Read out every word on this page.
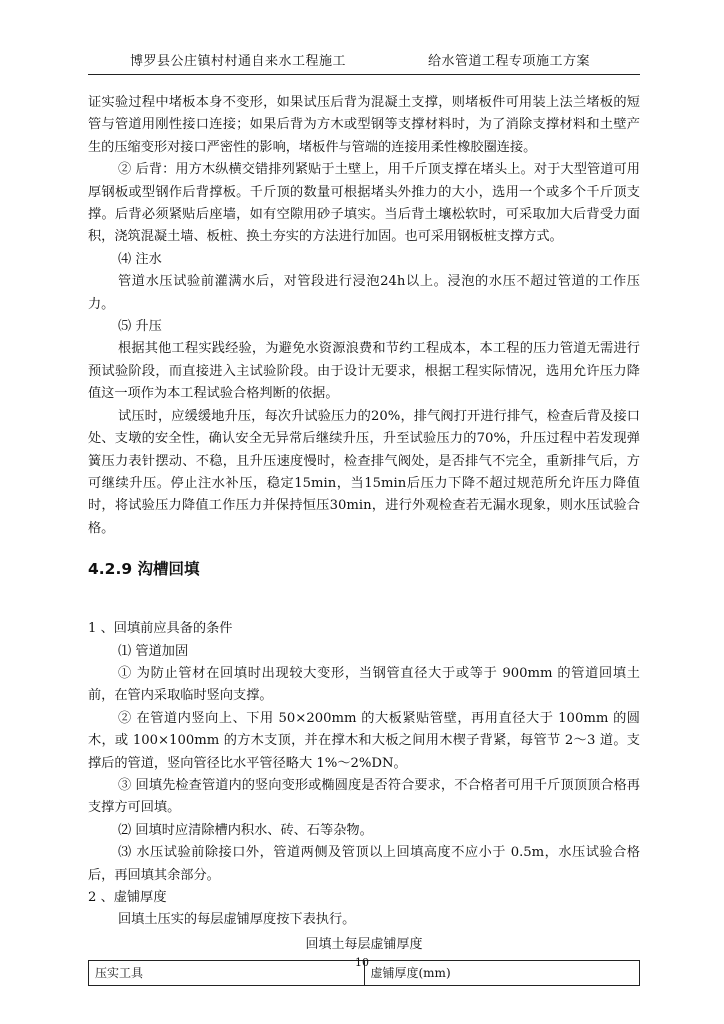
博罗县公庄镇村村通自来水工程施工	给水管道工程专项施工方案

证实验过程中堵板本身不变形，如果试压后背为混凝土支撑，则堵板件可用装上法兰堵板的短管与管道用刚性接口连接；如果后背为方木或型钢等支撑材料时，为了消除支撑材料和土壁产生的压缩变形对接口严密性的影响，堵板件与管端的连接用柔性橡胶圈连接。

② 后背：用方木纵横交错排列紧贴于土壁上，用千斤顶支撑在堵头上。对于大型管道可用厚钢板或型钢作后背撑板。千斤顶的数量可根据堵头外推力的大小，选用一个或多个千斤顶支撑。后背必须紧贴后座墙，如有空隙用砂子填实。当后背土壤松软时，可采取加大后背受力面积，浇筑混凝土墙、板桩、换土夯实的方法进行加固。也可采用钢板桩支撑方式。

⑷ 注水

管道水压试验前灌满水后，对管段进行浸泡24h以上。浸泡的水压不超过管道的工作压力。

⑸ 升压

根据其他工程实践经验，为避免水资源浪费和节约工程成本，本工程的压力管道无需进行预试验阶段，而直接进入主试验阶段。由于设计无要求，根据工程实际情况，选用允许压力降值这一项作为本工程试验合格判断的依据。

试压时，应缓缓地升压，每次升试验压力的20%，排气阀打开进行排气，检查后背及接口处、支墩的安全性，确认安全无异常后继续升压，升至试验压力的70%，升压过程中若发现弹簧压力表针摆动、不稳，且升压速度慢时，检查排气阀处，是否排气不完全，重新排气后，方可继续升压。停止注水补压，稳定15min，当15min后压力下降不超过规范所允许压力降值时，将试验压力降值工作压力并保持恒压30min，进行外观检查若无漏水现象，则水压试验合格。

4.2.9 沟槽回填

1 、回填前应具备的条件

⑴ 管道加固

① 为防止管材在回填时出现较大变形，当钢管直径大于或等于 900mm 的管道回填土前，在管内采取临时竖向支撑。

② 在管道内竖向上、下用 50×200mm 的大板紧贴管壁，再用直径大于 100mm 的圆木，或 100×100mm 的方木支顶，并在撑木和大板之间用木楔子背紧，每管节 2～3 道。支撑后的管道，竖向管径比水平管径略大 1%～2%DN。

③ 回填先检查管道内的竖向变形或椭圆度是否符合要求，不合格者可用千斤顶顶顶合格再支撑方可回填。

⑵ 回填时应清除槽内积水、砖、石等杂物。

⑶ 水压试验前除接口外，管道两侧及管顶以上回填高度不应小于 0.5m，水压试验合格后，再回填其余部分。

2 、虚铺厚度

回填土压实的每层虚铺厚度按下表执行。

回填土每层虚铺厚度
压实工具	虚铺厚度(mm)
10
